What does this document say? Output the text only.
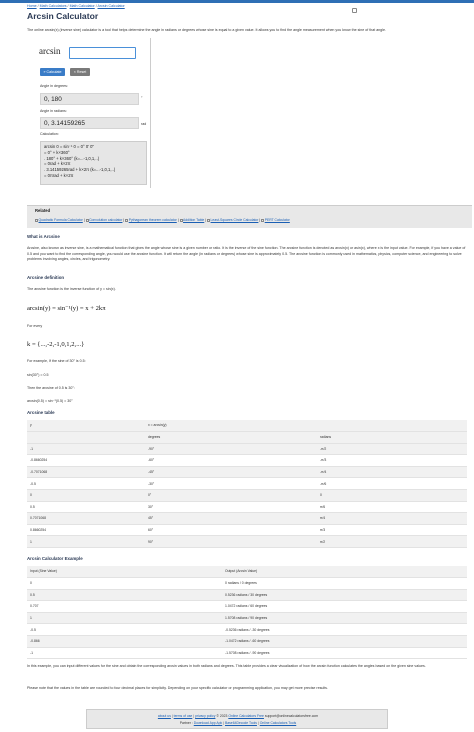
Home / Math Calculators / Math Calculator / Arcsin Calculator
Arcsin Calculator
The online arcsin(x) (inverse sine) calculator is a tool that helps determine the angle in radians or degrees whose sine is equal to a given value. It allows you to find the angle measurement when you know the sine of that angle.
arcsin
» Calculate	× Reset
Angle in degrees:
0, 180	°
Angle in radians:
0, 3.14159265	rad
Calculation:
arcsin 0 = sin⁻¹ 0 = 0° 0' 0"
= 0° + k×360°
. 180° + k×360° (k=...-1,0,1,..)
= 0rad + k×2π
. 3.14159265rad + k×2π (k=...-1,0,1,..)
= 0πrad + k×2π
Related
Quadratic Formula Calculator | Convolution calculator | Pythagorean theorem calculator | Addition Table | Least-Squares Circle Calculator | PERT Calculator
What is Arcsine
Arcsine, also known as inverse sine, is a mathematical function that gives the angle whose sine is a given number or ratio. It is the inverse of the sine function. The arcsine function is denoted as arcsin(x) or asin(x), where x is the input value. For example, if you have a value of 0.5 and you want to find the corresponding angle, you would use the arcsine function. It will return the angle (in radians or degrees) whose sine is approximately 0.5. The arcsine function is commonly used in mathematics, physics, computer science, and engineering to solve problems involving angles, circles, and trigonometry.
Arcsine definition
The arcsine function is the inverse function of y = sin(x).
arcsin(y) = sin⁻¹(y) = x + 2kπ
For every
k = {...,-2,-1,0,1,2,...}
For example, If the sine of 30° is 0.5:
sin(30°) = 0.5
Then the arcsine of 0.5 is 30°:
arcsin(0.5) = sin⁻¹(0.5) = 30°
Arcsine table
y	x = arcsin(y)	
	degrees	radians
-1	-90°	-π/2
-0.8660254	-60°	-π/3
-0.7071068	-45°	-π/4
-0.5	-30°	-π/6
0	0°	0
0.5	30°	π/6
0.7071068	45°	π/4
0.8660254	60°	π/3
1	90°	π/2
Arcsin Calculator Example
Input (Sine Value)	Output (Arcsin Value)
0	0 radians / 0 degrees
0.5	0.5236 radians / 30 degrees
0.707	1.0472 radians / 60 degrees
1	1.5708 radians / 90 degrees
-0.5	-0.5236 radians / -30 degrees
-0.866	-1.0472 radians / -60 degrees
-1	-1.5708 radians / -90 degrees
In this example, you can input different values for the sine and obtain the corresponding arcsin values in both radians and degrees. This table provides a clear visualization of how the arcsin function calculates the angles based on the given sine values.
Please note that the values in the table are rounded to four decimal places for simplicity. Depending on your specific calculator or programming application, you may get more precise results.
about us | terms of use | privacy policy © 2023 Online Calculators Free support@onlinecalculatorsfree.com
Partner : Download App Apk | Base64Decode Tools | Online Calculators Tools
